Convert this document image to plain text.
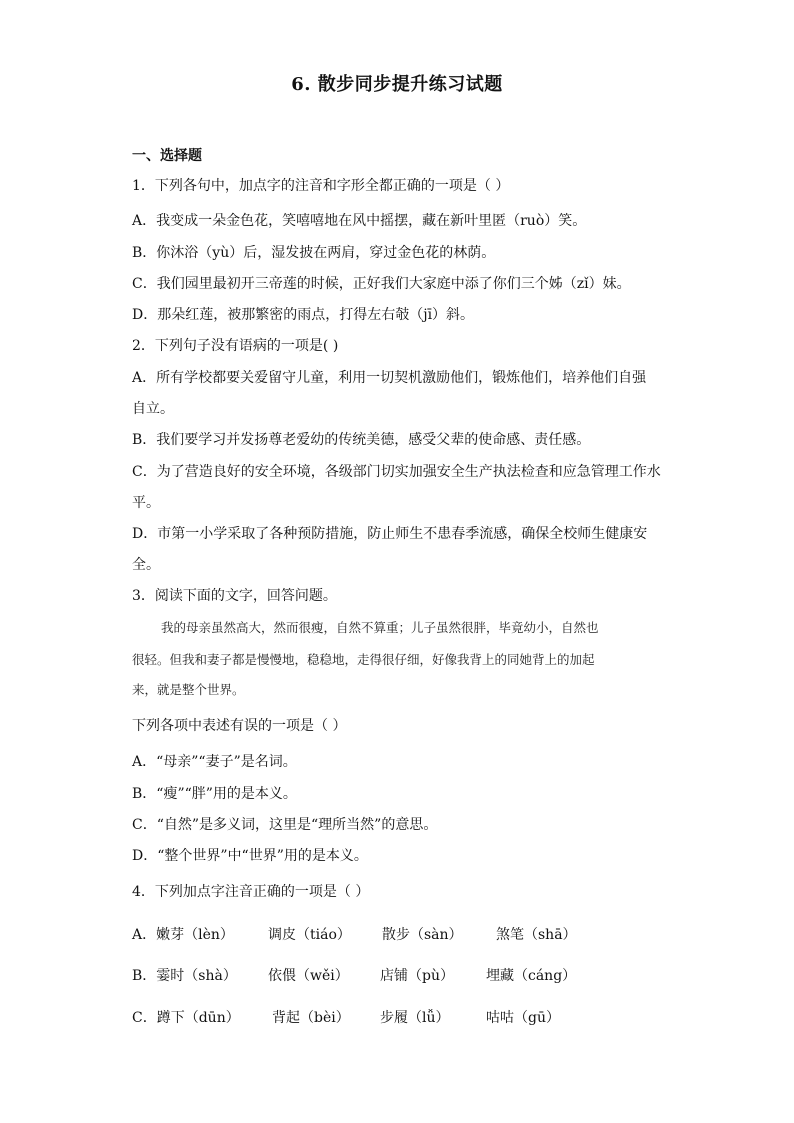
6. 散步同步提升练习试题
一、选择题
1．下列各句中，加点字的注音和字形全都正确的一项是（ ）
A．我变成一朵金色花，笑嘻嘻地在风中摇摆，藏在新叶里匿（ruò）笑。
B．你沐浴（yù）后，湿发披在两肩，穿过金色花的林荫。
C．我们园里最初开三帝莲的时候，正好我们大家庭中添了你们三个姊（zǐ）妹。
D．那朵红莲，被那繁密的雨点，打得左右攲（jī）斜。
2．下列句子没有语病的一项是( )
A．所有学校都要关爱留守儿童，利用一切契机激励他们，锻炼他们，培养他们自强
自立。
B．我们要学习并发扬尊老爱幼的传统美德，感受父辈的使命感、责任感。
C．为了营造良好的安全环境，各级部门切实加强安全生产执法检查和应急管理工作水
平。
D．市第一小学采取了各种预防措施，防止师生不患春季流感，确保全校师生健康安
全。
3．阅读下面的文字，回答问题。
我的母亲虽然高大，然而很瘦，自然不算重；儿子虽然很胖，毕竟幼小，自然也
很轻。但我和妻子都是慢慢地，稳稳地，走得很仔细，好像我背上的同她背上的加起
来，就是整个世界。
下列各项中表述有误的一项是（ ）
A．“母亲”“妻子”是名词。
B．“瘦”“胖”用的是本义。
C．“自然”是多义词，这里是“理所当然”的意思。
D．“整个世界”中“世界”用的是本义。
4．下列加点字注音正确的一项是（ ）
A．嫩芽（lèn） 调皮（tiáo） 散步（sàn） 煞笔（shā）
B．霎时（shà） 依偎（wěi） 店铺（pù） 埋藏（cáng）
C．蹲下（dūn） 背起（bèi） 步履（lǚ）	咕咕（gū）
